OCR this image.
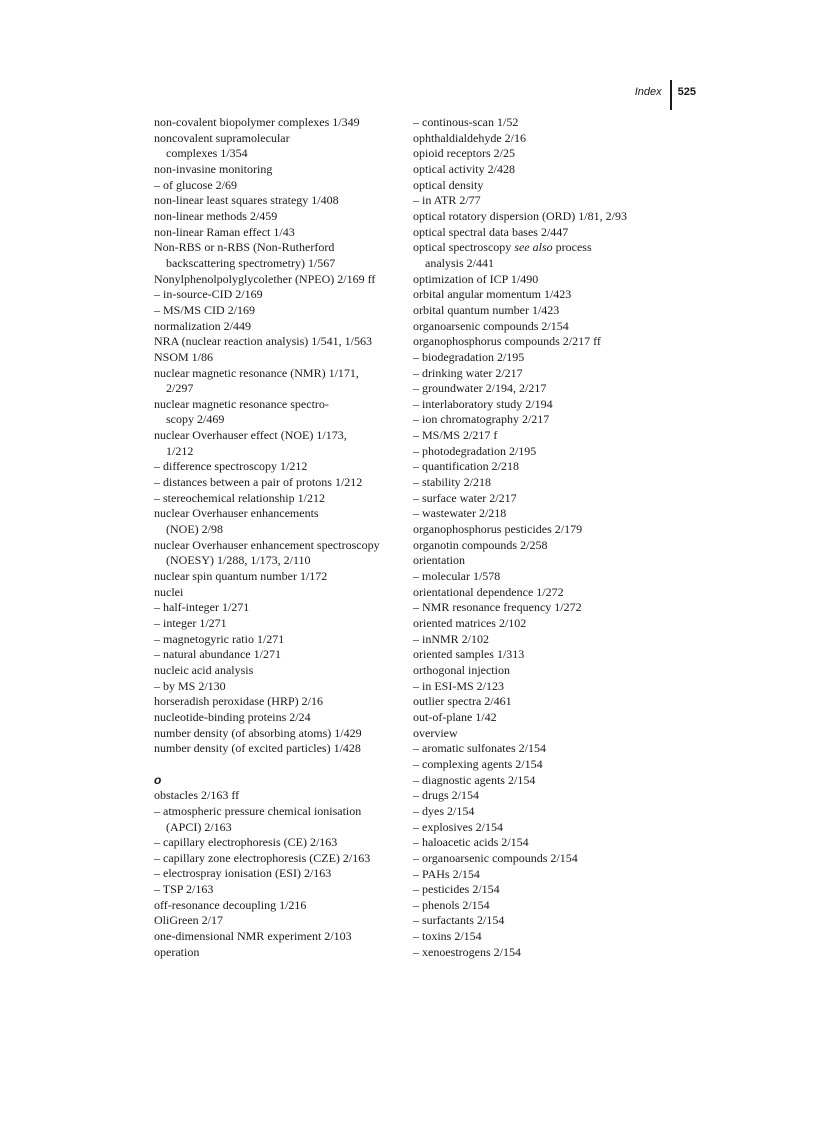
Index 525
non-covalent biopolymer complexes 1/349
noncovalent supramolecular
complexes 1/354
non-invasine monitoring
– of glucose 2/69
non-linear least squares strategy 1/408
non-linear methods 2/459
non-linear Raman effect 1/43
Non-RBS or n-RBS (Non-Rutherford
backscattering spectrometry) 1/567
Nonylphenolpolyglycolether (NPEO) 2/169 ff
– in-source-CID 2/169
– MS/MS CID 2/169
normalization 2/449
NRA (nuclear reaction analysis) 1/541, 1/563
NSOM 1/86
nuclear magnetic resonance (NMR) 1/171,
2/297
nuclear magnetic resonance spectro-
scopy 2/469
nuclear Overhauser effect (NOE) 1/173,
1/212
– difference spectroscopy 1/212
– distances between a pair of protons 1/212
– stereochemical relationship 1/212
nuclear Overhauser enhancements
(NOE) 2/98
nuclear Overhauser enhancement spectroscopy
(NOESY) 1/288, 1/173, 2/110
nuclear spin quantum number 1/172
nuclei
– half-integer 1/271
– integer 1/271
– magnetogyric ratio 1/271
– natural abundance 1/271
nucleic acid analysis
– by MS 2/130
horseradish peroxidase (HRP) 2/16
nucleotide-binding proteins 2/24
number density (of absorbing atoms) 1/429
number density (of excited particles) 1/428
o
obstacles 2/163 ff
– atmospheric pressure chemical ionisation
(APCI) 2/163
– capillary electrophoresis (CE) 2/163
– capillary zone electrophoresis (CZE) 2/163
– electrospray ionisation (ESI) 2/163
– TSP 2/163
off-resonance decoupling 1/216
OliGreen 2/17
one-dimensional NMR experiment 2/103
operation
– continous-scan 1/52
ophthaldialdehyde 2/16
opioid receptors 2/25
optical activity 2/428
optical density
– in ATR 2/77
optical rotatory dispersion (ORD) 1/81, 2/93
optical spectral data bases 2/447
optical spectroscopy see also process
analysis 2/441
optimization of ICP 1/490
orbital angular momentum 1/423
orbital quantum number 1/423
organoarsenic compounds 2/154
organophosphorus compounds 2/217 ff
– biodegradation 2/195
– drinking water 2/217
– groundwater 2/194, 2/217
– interlaboratory study 2/194
– ion chromatography 2/217
– MS/MS 2/217 f
– photodegradation 2/195
– quantification 2/218
– stability 2/218
– surface water 2/217
– wastewater 2/218
organophosphorus pesticides 2/179
organotin compounds 2/258
orientation
– molecular 1/578
orientational dependence 1/272
– NMR resonance frequency 1/272
oriented matrices 2/102
– inNMR 2/102
oriented samples 1/313
orthogonal injection
– in ESI-MS 2/123
outlier spectra 2/461
out-of-plane 1/42
overview
– aromatic sulfonates 2/154
– complexing agents 2/154
– diagnostic agents 2/154
– drugs 2/154
– dyes 2/154
– explosives 2/154
– haloacetic acids 2/154
– organoarsenic compounds 2/154
– PAHs 2/154
– pesticides 2/154
– phenols 2/154
– surfactants 2/154
– toxins 2/154
– xenoestrogens 2/154
